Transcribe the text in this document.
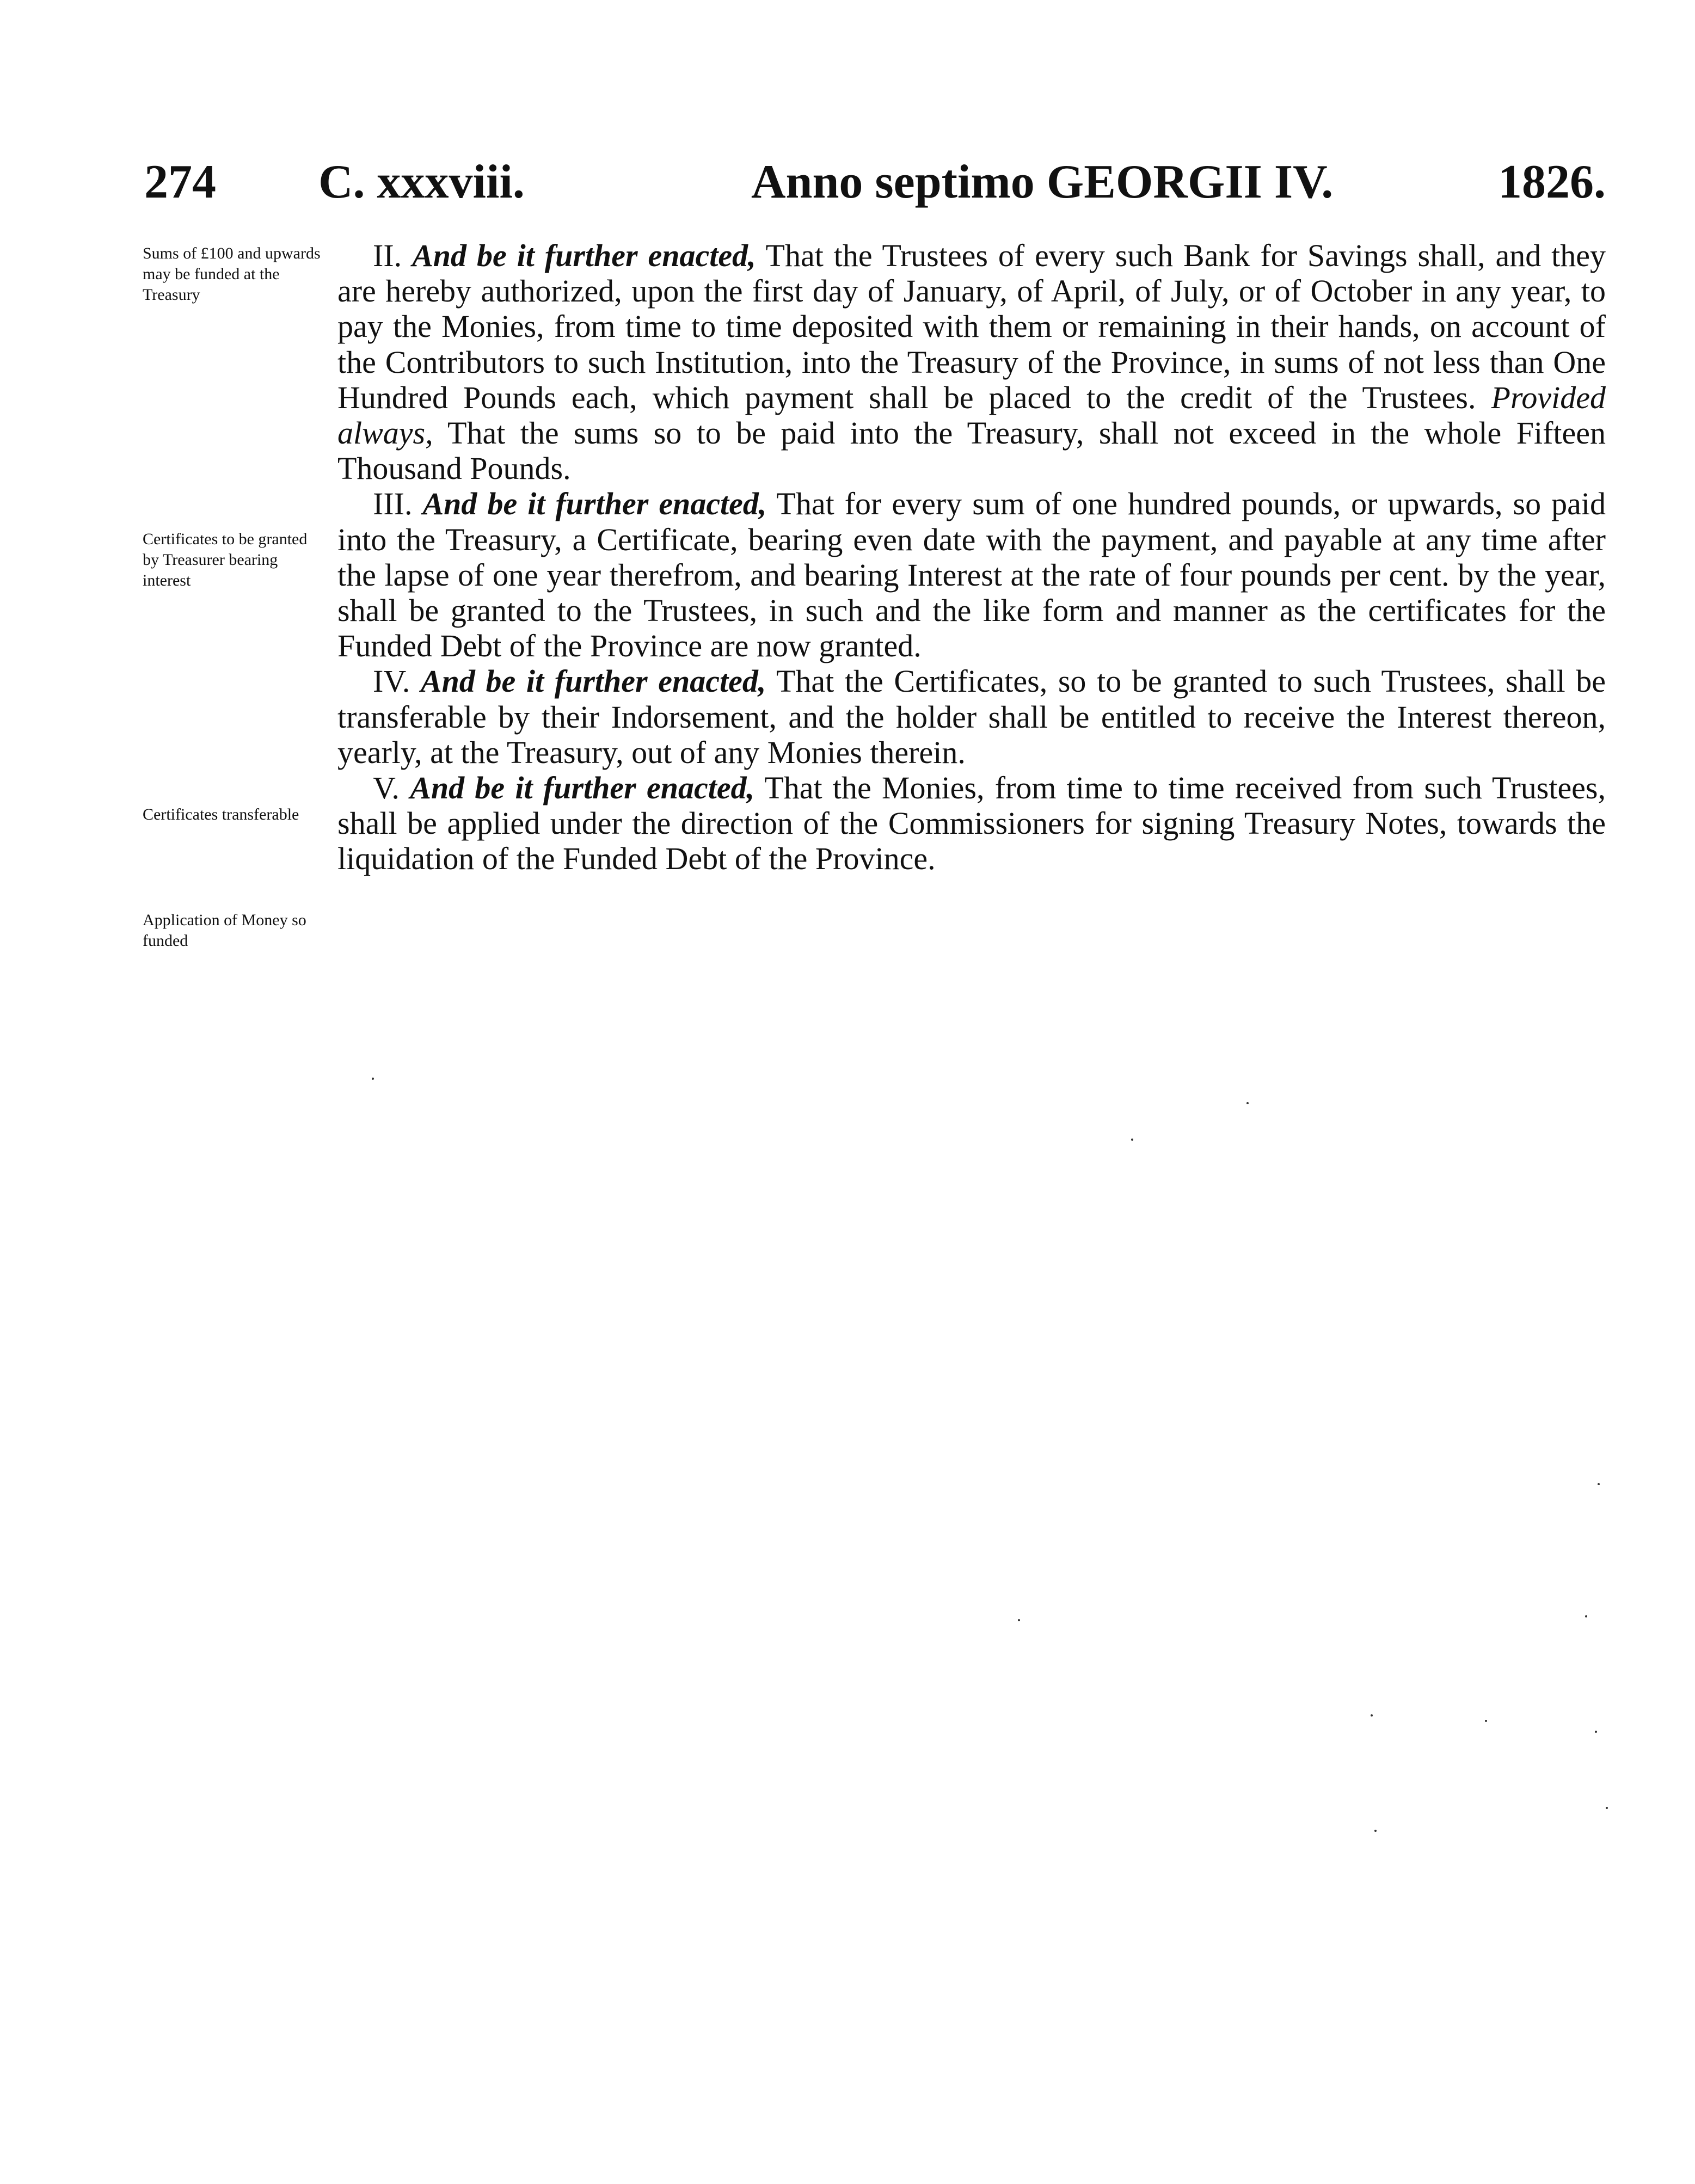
274 C. xxxviii.	Anno septimo GEORGII IV.	1826.
Sums of £100 and upwards may be funded at the Treasury
Certificates to be granted by Treasurer bearing interest
Certificates transferable
Application of Money so funded

II. And be it further enacted, That the Trustees of every such Bank for Savings shall, and they are hereby authorized, upon the first day of January, of April, of July, or of October in any year, to pay the Monies, from time to time deposited with them or remaining in their hands, on account of the Contributors to such Institution, into the Treasury of the Province, in sums of not less than One Hundred Pounds each, which payment shall be placed to the credit of the Trustees. Provided always, That the sums so to be paid into the Treasury, shall not exceed in the whole Fifteen Thousand Pounds.

III. And be it further enacted, That for every sum of one hundred pounds, or upwards, so paid into the Treasury, a Certificate, bearing even date with the payment, and payable at any time after the lapse of one year therefrom, and bearing Interest at the rate of four pounds per cent. by the year, shall be granted to the Trustees, in such and the like form and manner as the certificates for the Funded Debt of the Province are now granted.

IV. And be it further enacted, That the Certificates, so to be granted to such Trustees, shall be transferable by their Indorsement, and the holder shall be entitled to receive the Interest thereon, yearly, at the Treasury, out of any Monies therein.

V. And be it further enacted, That the Monies, from time to time received from such Trustees, shall be applied under the direction of the Commissioners for signing Treasury Notes, towards the liquidation of the Funded Debt of the Province.
